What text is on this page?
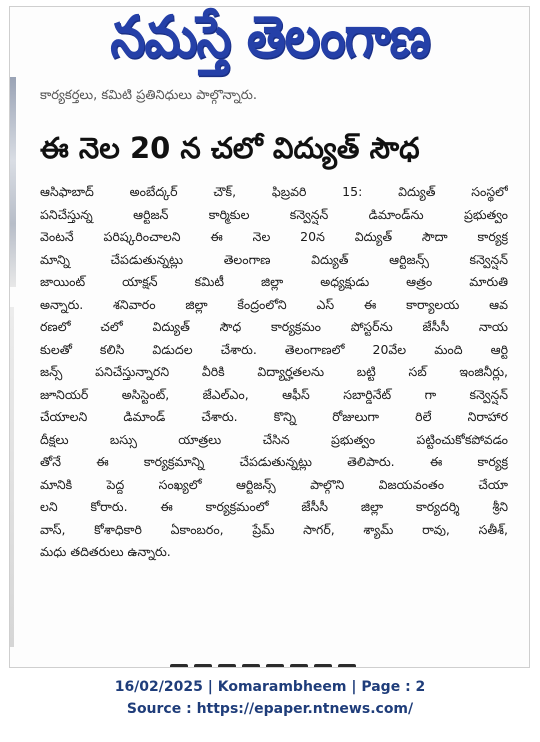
నమస్తే తెలంగాణ
కార్యకర్తలు, కమిటీ ప్రతినిధులు పాల్గొన్నారు.
ఈ నెల 20 న చలో విద్యుత్ సౌధ
ఆసిఫాబాద్ అంబేద్కర్ చౌక్, ఫిబ్రవరి 15: విద్యుత్ సంస్థలో
పనిచేస్తున్న ఆర్టిజన్ కార్మికుల కన్వెన్షన్ డిమాండ్‌ను ప్రభుత్వం
వెంటనే పరిష్కరించాలని ఈ నెల 20న విద్యుత్ సౌదా కార్యక్ర
మాన్ని చేపడుతున్నట్లు తెలంగాణ విద్యుత్ ఆర్టిజన్స్ కన్వెన్షన్
జాయింట్ యాక్షన్ కమిటీ జిల్లా అధ్యక్షుడు ఆత్రం మారుతి
అన్నారు. శనివారం జిల్లా కేంద్రంలోని ఎస్ ఈ కార్యాలయ ఆవ
రణలో చలో విద్యుత్ సౌధ కార్యక్రమం పోస్టర్‌ను జేసీసీ నాయ
కులతో కలిసి విడుదల చేశారు. తెలంగాణలో 20వేల మంది ఆర్టి
జన్స్ పనిచేస్తున్నారని వీరికి విద్యార్హతలను బట్టి సబ్ ఇంజినీర్లు,
జూనియర్ అసిస్టెంట్, జేఎల్ఎం, ఆఫీస్ సబార్డినేట్ గా కన్వెన్షన్
చేయాలని డిమాండ్ చేశారు. కొన్ని రోజులుగా రిలే నిరాహార
దీక్షలు బస్సు యాత్రలు చేసిన ప్రభుత్వం పట్టించుకోకపోవడం
తోనే ఈ కార్యక్రమాన్ని చేపడుతున్నట్లు తెలిపారు. ఈ కార్యక్ర
మానికి పెద్ద సంఖ్యలో ఆర్టిజన్స్ పాల్గొని విజయవంతం చేయా
లని కోరారు. ఈ కార్యక్రమంలో జేసీసీ జిల్లా కార్యదర్శి శ్రీని
వాస్, కోశాధికారి ఏకాంబరం, ప్రేమ్ సాగర్, శ్యామ్ రావు, సతీశ్,
మధు తదితరులు ఉన్నారు.
16/02/2025 | Komarambheem | Page : 2
Source : https://epaper.ntnews.com/
